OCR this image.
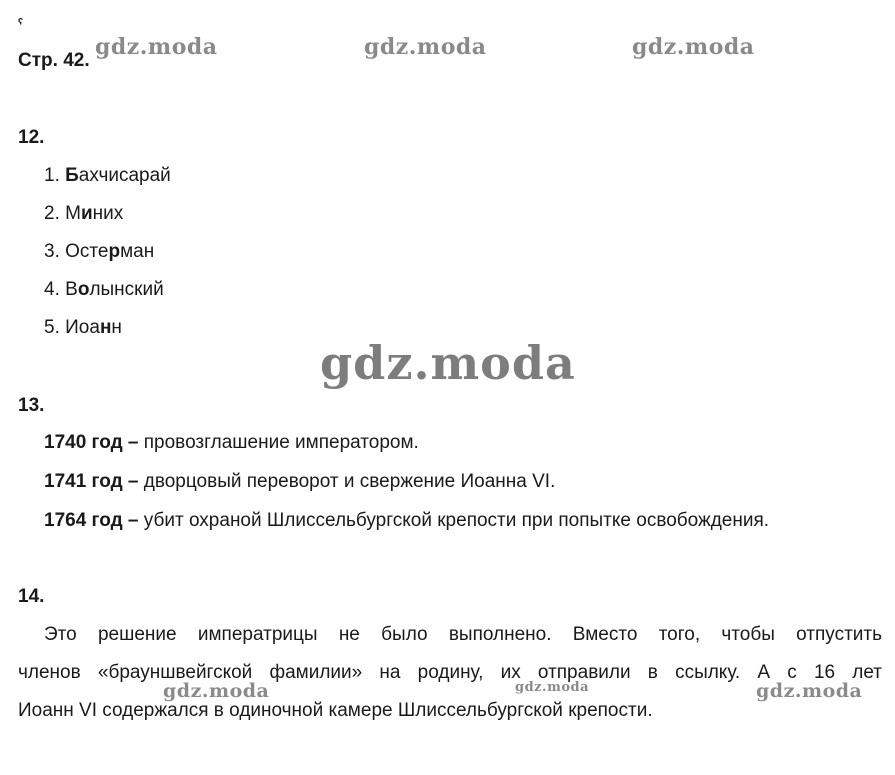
ˁ
Стр. 42.
gdz.moda	gdz.moda	gdz.moda
gdz.moda
gdz.moda	gdz.moda	gdz.moda
12.
1. Бахчисарай
2. Миних
3. Остерман
4. Волынский
5. Иоанн
13.
1740 год – провозглашение императором.
1741 год – дворцовый переворот и свержение Иоанна VI.
1764 год – убит охраной Шлиссельбургской крепости при попытке освобождения.
14.
Это решение императрицы не было выполнено. Вместо того, чтобы отпустить
членов «брауншвейгской фамилии» на родину, их отправили в ссылку. А с 16 лет
Иоанн VI содержался в одиночной камере Шлиссельбургской крепости.
